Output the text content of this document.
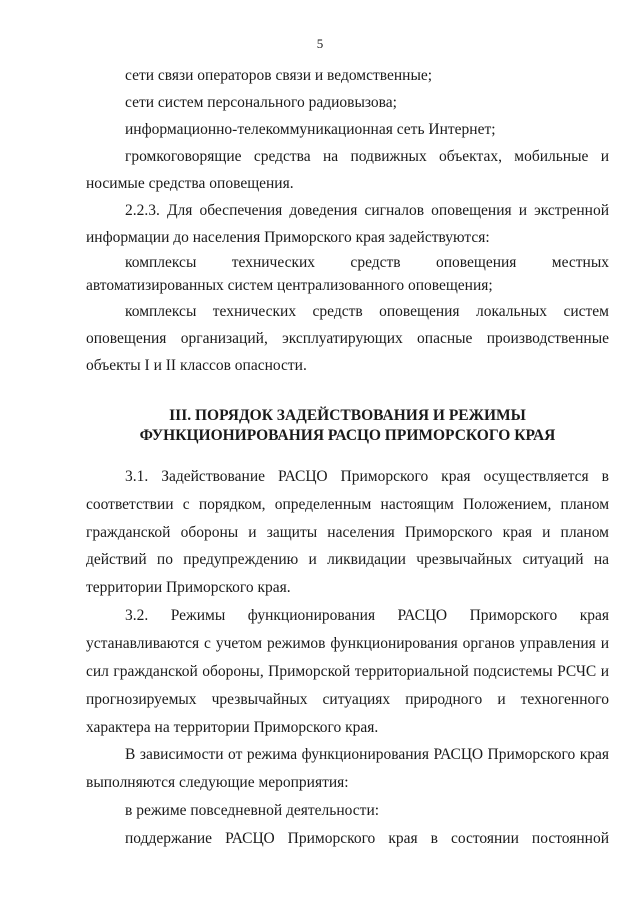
5
сети связи операторов связи и ведомственные;
сети систем персонального радиовызова;
информационно-телекоммуникационная сеть Интернет;
громкоговорящие средства на подвижных объектах, мобильные и
носимые средства оповещения.
2.2.3. Для обеспечения доведения сигналов оповещения и экстренной
информации до населения Приморского края задействуются:
комплексы технических средств оповещения местных
автоматизированных систем централизованного оповещения;
комплексы технических средств оповещения локальных систем
оповещения организаций, эксплуатирующих опасные производственные
объекты I и II классов опасности.
III. ПОРЯДОК ЗАДЕЙСТВОВАНИЯ И РЕЖИМЫ
ФУНКЦИОНИРОВАНИЯ РАСЦО ПРИМОРСКОГО КРАЯ
3.1. Задействование РАСЦО Приморского края осуществляется в
соответствии с порядком, определенным настоящим Положением, планом
гражданской обороны и защиты населения Приморского края и планом
действий по предупреждению и ликвидации чрезвычайных ситуаций на
территории Приморского края.
3.2. Режимы функционирования РАСЦО Приморского края
устанавливаются с учетом режимов функционирования органов управления и
сил гражданской обороны, Приморской территориальной подсистемы РСЧС и
прогнозируемых чрезвычайных ситуациях природного и техногенного
характера на территории Приморского края.
В зависимости от режима функционирования РАСЦО Приморского края
выполняются следующие мероприятия:
в режиме повседневной деятельности:
поддержание РАСЦО Приморского края в состоянии постоянной
